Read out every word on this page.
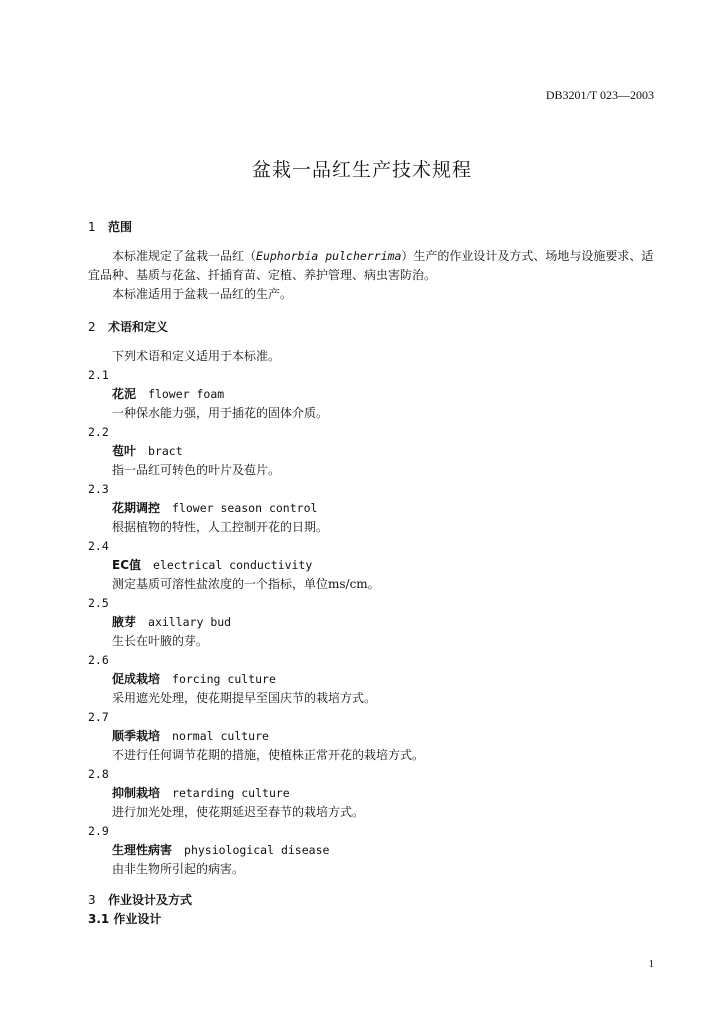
DB3201/T 023—2003
盆栽一品红生产技术规程
1 范围

本标准规定了盆栽一品红（Euphorbia pulcherrima）生产的作业设计及方式、场地与设施要求、适宜品种、基质与花盆、扦插育苗、定植、养护管理、病虫害防治。

本标准适用于盆栽一品红的生产。

2 术语和定义

下列术语和定义适用于本标准。

2.1
花泥 flower foam
一种保水能力强，用于插花的固体介质。
2.2
苞叶 bract
指一品红可转色的叶片及苞片。
2.3
花期调控 flower season control
根据植物的特性，人工控制开花的日期。
2.4
EC值 electrical conductivity
测定基质可溶性盐浓度的一个指标，单位ms/cm。
2.5
腋芽 axillary bud
生长在叶腋的芽。
2.6
促成栽培 forcing culture
采用遮光处理，使花期提早至国庆节的栽培方式。
2.7
顺季栽培 normal culture
不进行任何调节花期的措施，使植株正常开花的栽培方式。
2.8
抑制栽培 retarding culture
进行加光处理，使花期延迟至春节的栽培方式。
2.9
生理性病害 physiological disease
由非生物所引起的病害。
3 作业设计及方式
3.1 作业设计
1
